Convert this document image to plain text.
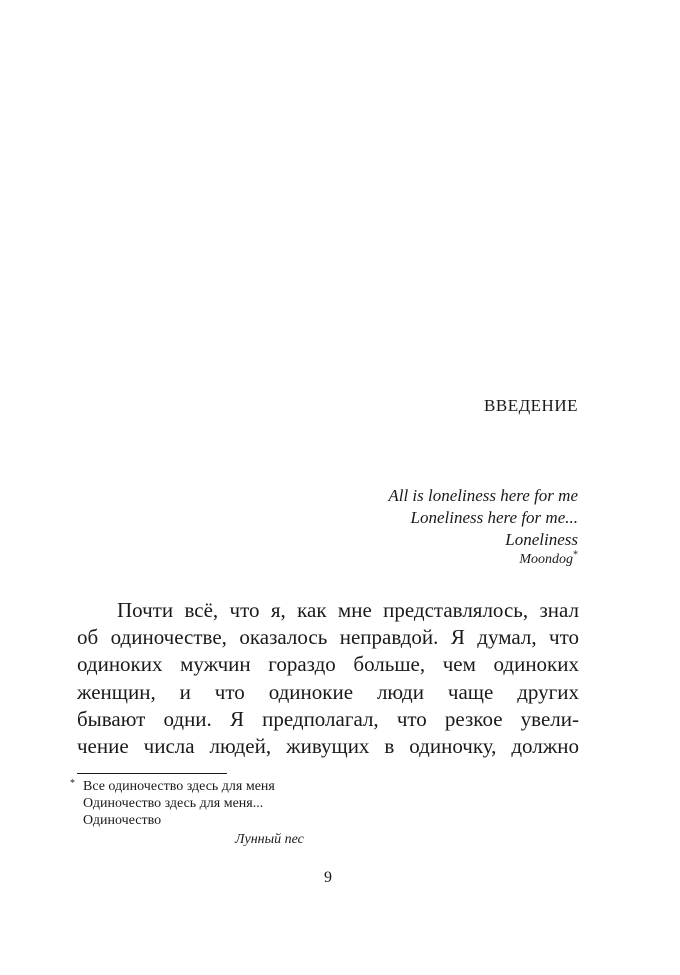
ВВЕДЕНИЕ
All is loneliness here for me
Loneliness here for me...
Loneliness
Moondog*

Почти всё, что я, как мне представлялось, знал
об одиночестве, оказалось неправдой. Я думал, что
одиноких мужчин гораздо больше, чем одиноких
женщин, и что одинокие люди чаще других
бывают одни. Я предполагал, что резкое увели-
чение числа людей, живущих в одиночку, должно

* Все одиночество здесь для меня
Одиночество здесь для меня...
Одиночество
Лунный пес
9
